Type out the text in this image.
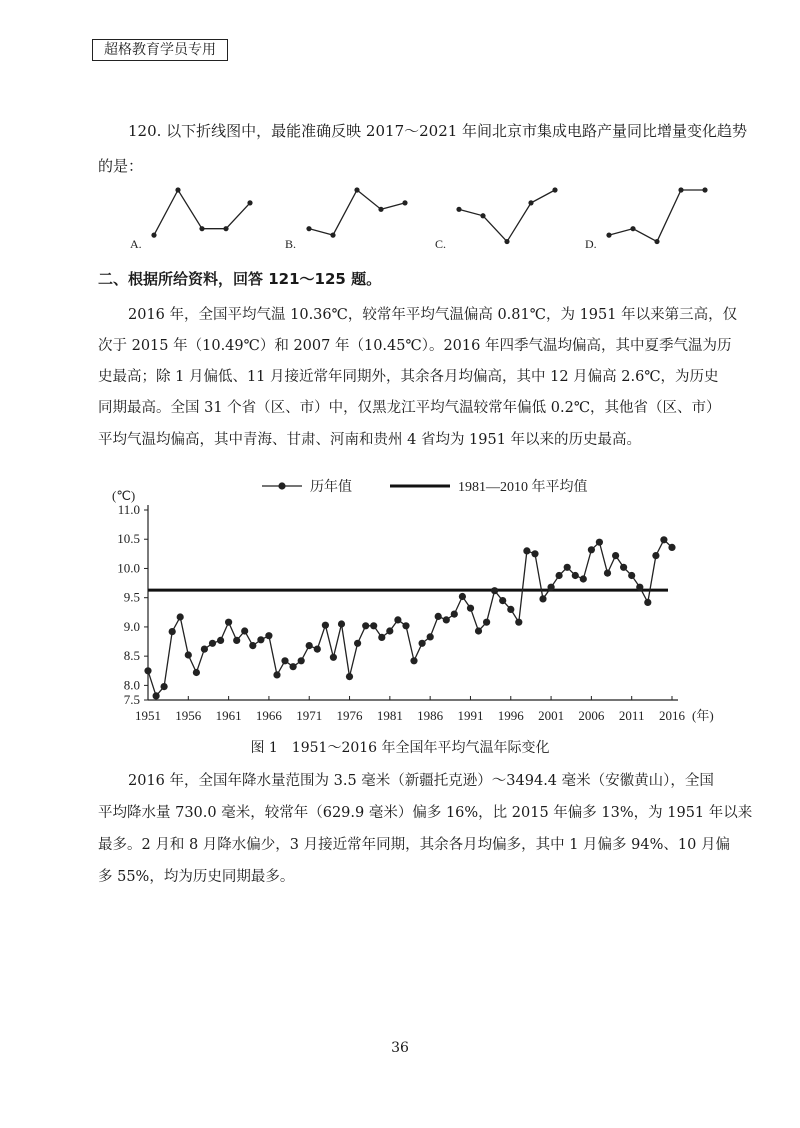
超格教育学员专用
120. 以下折线图中，最能准确反映 2017～2021 年间北京市集成电路产量同比增量变化趋势
的是：
A.	B.	C.	D.
二、根据所给资料，回答 121～125 题。
2016 年，全国平均气温 10.36℃，较常年平均气温偏高 0.81℃，为 1951 年以来第三高，仅
次于 2015 年（10.49℃）和 2007 年（10.45℃）。2016 年四季气温均偏高，其中夏季气温为历
史最高；除 1 月偏低、11 月接近常年同期外，其余各月均偏高，其中 12 月偏高 2.6℃，为历史
同期最高。全国 31 个省（区、市）中，仅黑龙江平均气温较常年偏低 0.2℃，其他省（区、市）
平均气温均偏高，其中青海、甘肃、河南和贵州 4 省均为 1951 年以来的历史最高。
7.5
8.0
8.5
9.0
9.5
10.0
10.5
11.0
(℃)
1951 1956 1961 1966 1971 1976 1981 1986 1991 1996 2001 2006 2011 2016 (年)
历年值	1981—2010 年平均值
图 1　1951～2016 年全国年平均气温年际变化
2016 年，全国年降水量范围为 3.5 毫米（新疆托克逊）～3494.4 毫米（安徽黄山），全国
平均降水量 730.0 毫米，较常年（629.9 毫米）偏多 16%，比 2015 年偏多 13%，为 1951 年以来
最多。2 月和 8 月降水偏少，3 月接近常年同期，其余各月均偏多，其中 1 月偏多 94%、10 月偏
多 55%，均为历史同期最多。
36
